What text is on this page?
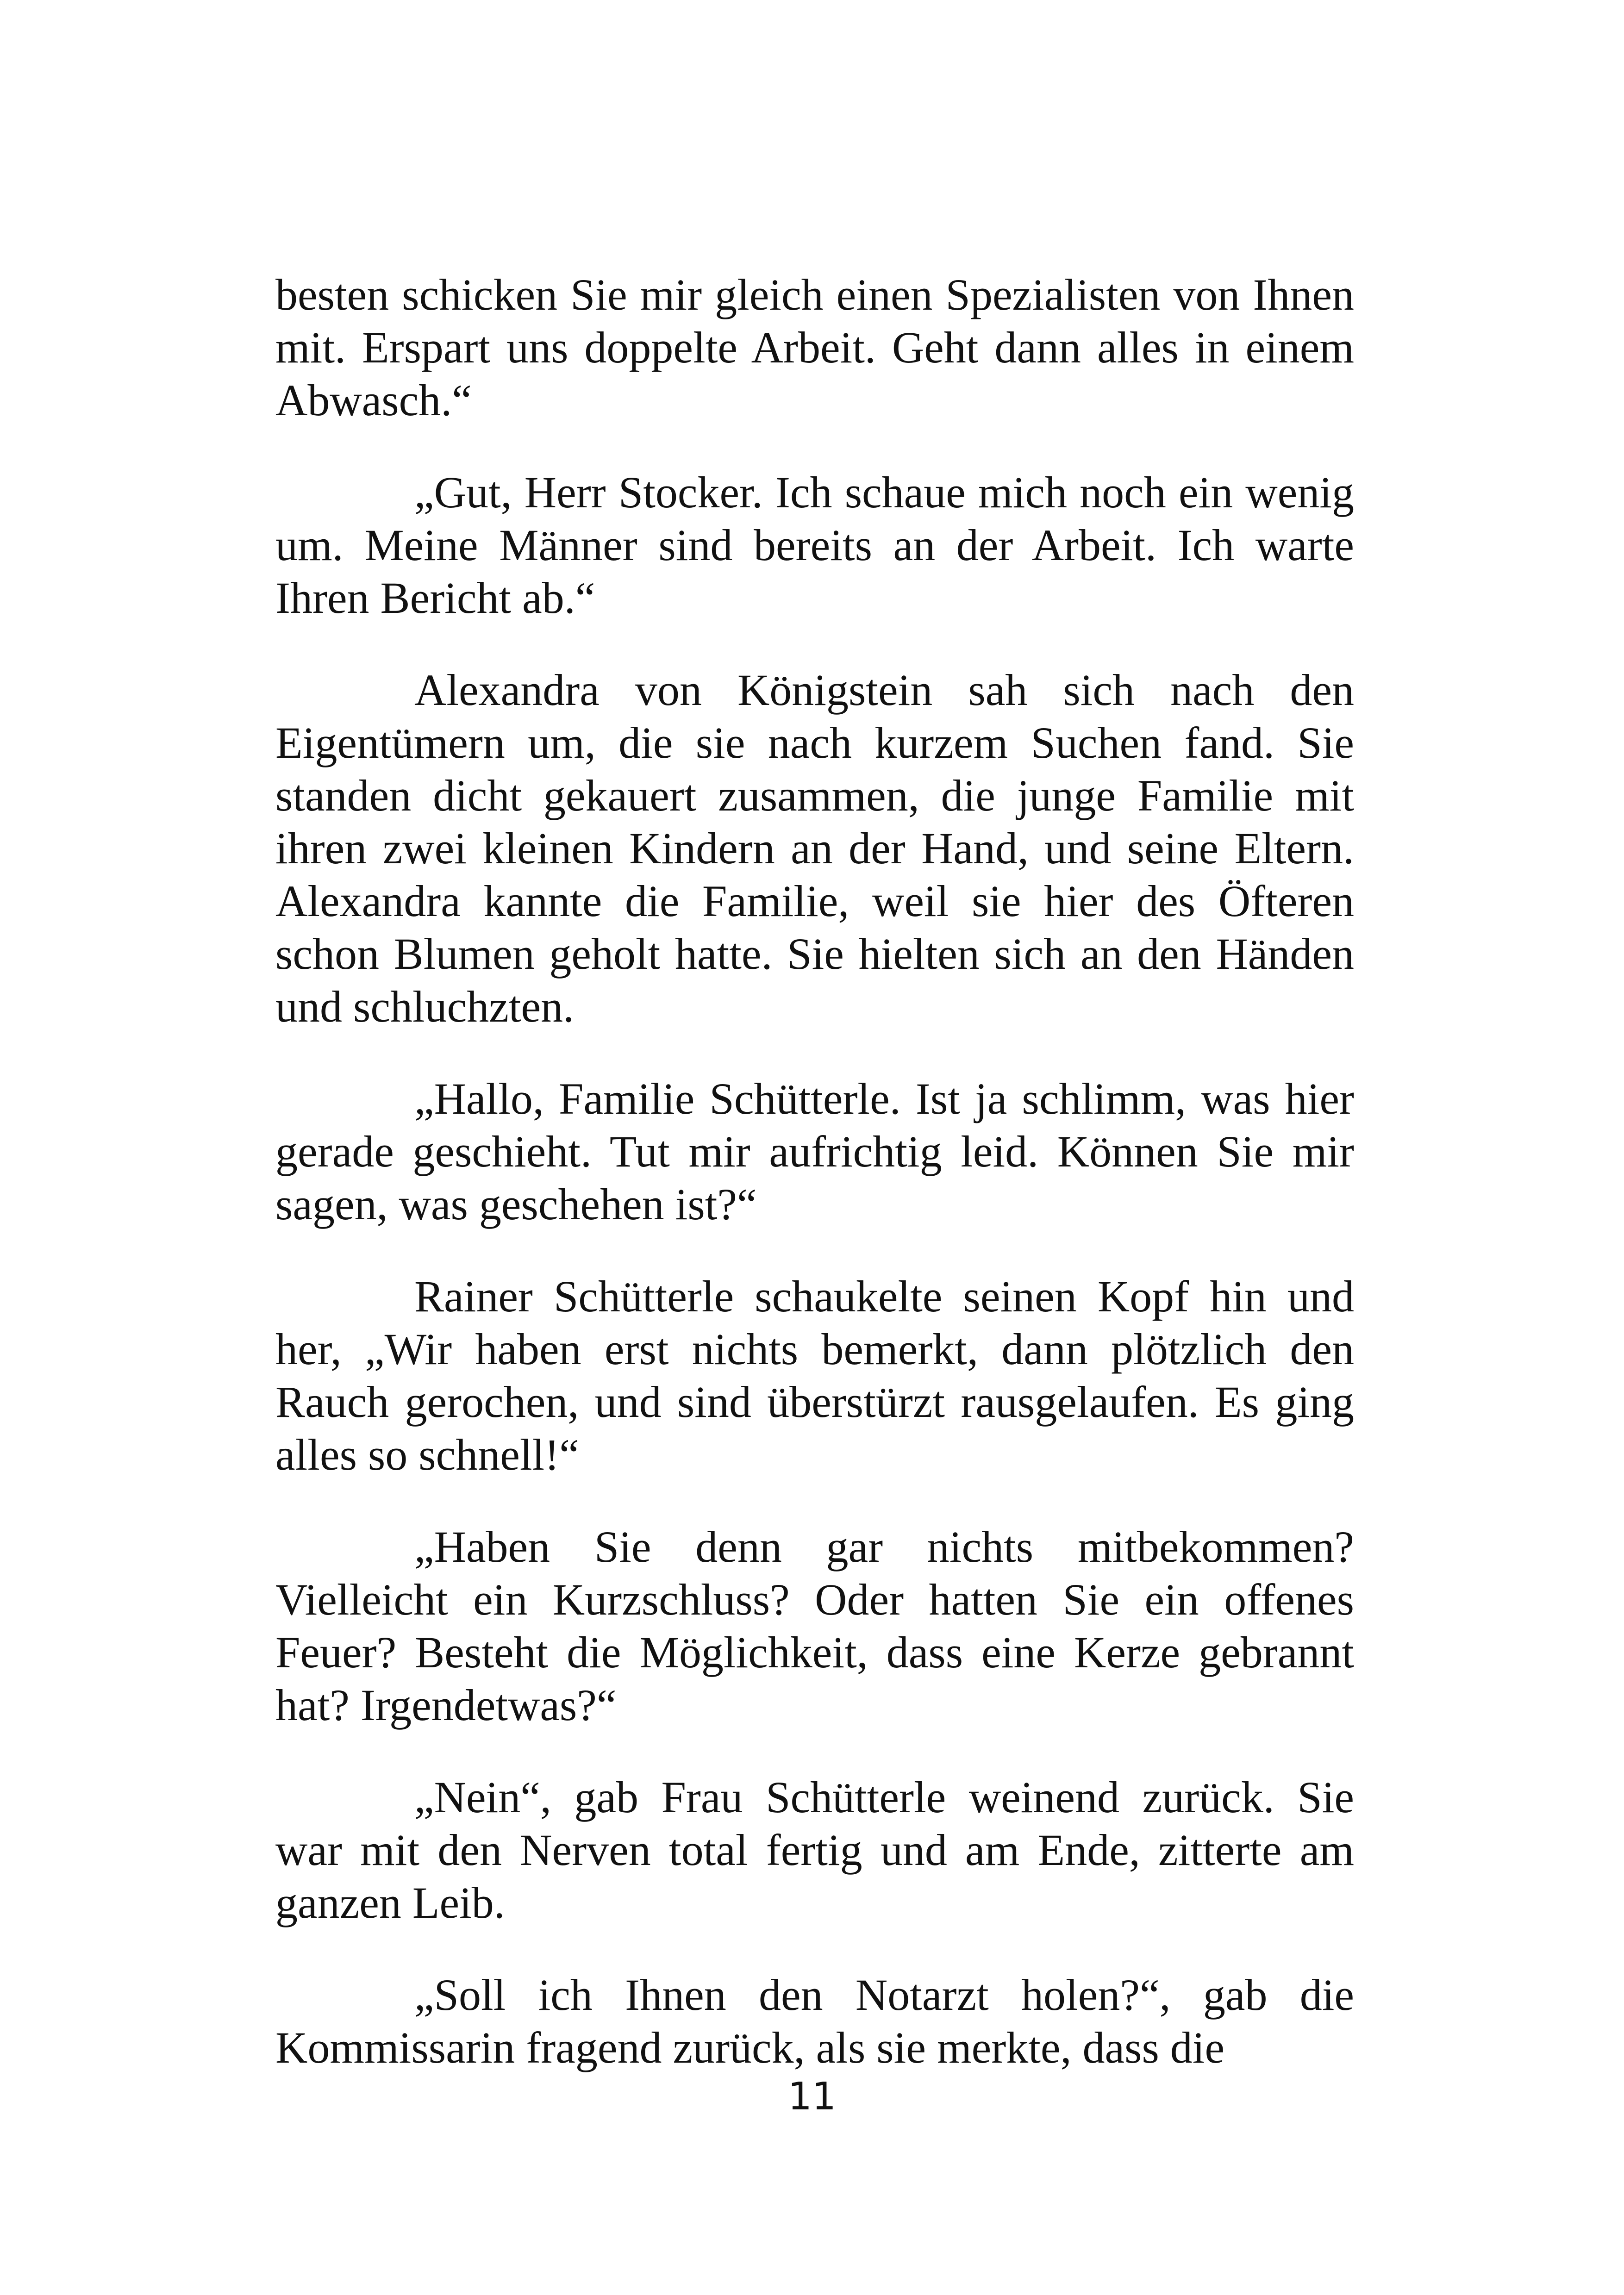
besten schicken Sie mir gleich einen Spezialisten von Ihnen mit. Erspart uns doppelte Arbeit. Geht dann alles in einem Abwasch.“

„Gut, Herr Stocker. Ich schaue mich noch ein wenig um. Meine Männer sind bereits an der Arbeit. Ich warte Ihren Bericht ab.“

Alexandra von Königstein sah sich nach den Eigentümern um, die sie nach kurzem Suchen fand. Sie standen dicht gekauert zusammen, die junge Familie mit ihren zwei kleinen Kindern an der Hand, und seine Eltern. Alexandra kannte die Familie, weil sie hier des Öfteren schon Blumen geholt hatte. Sie hielten sich an den Händen und schluchzten.

„Hallo, Familie Schütterle. Ist ja schlimm, was hier gerade geschieht. Tut mir aufrichtig leid. Können Sie mir sagen, was geschehen ist?“

Rainer Schütterle schaukelte seinen Kopf hin und her, „Wir haben erst nichts bemerkt, dann plötzlich den Rauch gerochen, und sind überstürzt rausgelaufen. Es ging alles so schnell!“

„Haben Sie denn gar nichts mitbekommen? Vielleicht ein Kurzschluss? Oder hatten Sie ein offenes Feuer? Besteht die Möglichkeit, dass eine Kerze gebrannt hat? Irgendetwas?“

„Nein“, gab Frau Schütterle weinend zurück. Sie war mit den Nerven total fertig und am Ende, zitterte am ganzen Leib.

„Soll ich Ihnen den Notarzt holen?“, gab die Kommissarin fragend zurück, als sie merkte, dass die

11
